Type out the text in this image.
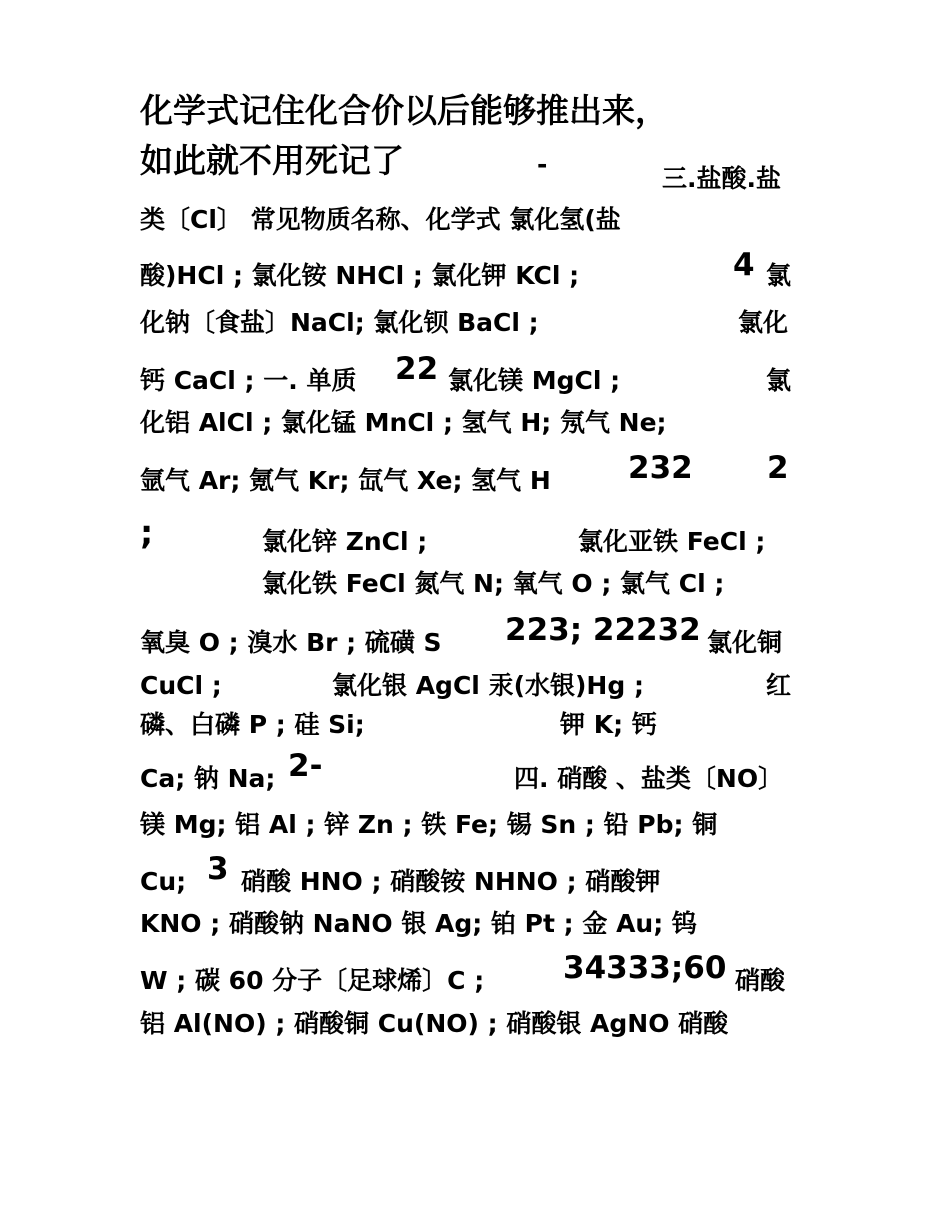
化学式记住化合价以后能够推出来，
如此就不用死记了	-	三.盐酸.盐
类〔Cl〕 常见物质名称、化学式 氯化氢(盐
酸)HCl ; 氯化铵 NHCl ; 氯化钾 KCl ;	4 氯
化钠〔食盐〕NaCl; 氯化钡 BaCl ;	氯化
钙 CaCl ; 一. 单质 22 氯化镁 MgCl ;	氯
化铝 AlCl ; 氯化锰 MnCl ; 氢气 H; 氖气 Ne;
氩气 Ar; 氪气 Kr; 氙气 Xe; 氢气 H 232 2
;	氯化锌 ZnCl ;	氯化亚铁 FeCl ;
氯化铁 FeCl 氮气 N; 氧气 O ; 氯气 Cl ;
氧臭 O ; 溴水 Br ; 硫磺 S 223; 22232 氯化铜
CuCl ;	氯化银 AgCl 汞(水银)Hg ;	红
磷、白磷 P ; 硅 Si;	钾 K; 钙
Ca; 钠 Na; 2-	四. 硝酸 、盐类〔NO〕
镁 Mg; 铝 Al ; 锌 Zn ; 铁 Fe; 锡 Sn ; 铅 Pb; 铜
Cu; 3 硝酸 HNO ; 硝酸铵 NHNO ; 硝酸钾
KNO ; 硝酸钠 NaNO 银 Ag; 铂 Pt ; 金 Au; 钨
W ; 碳 60 分子〔足球烯〕C ;	34333;60 硝酸
铝 Al(NO) ; 硝酸铜 Cu(NO) ; 硝酸银 AgNO 硝酸
